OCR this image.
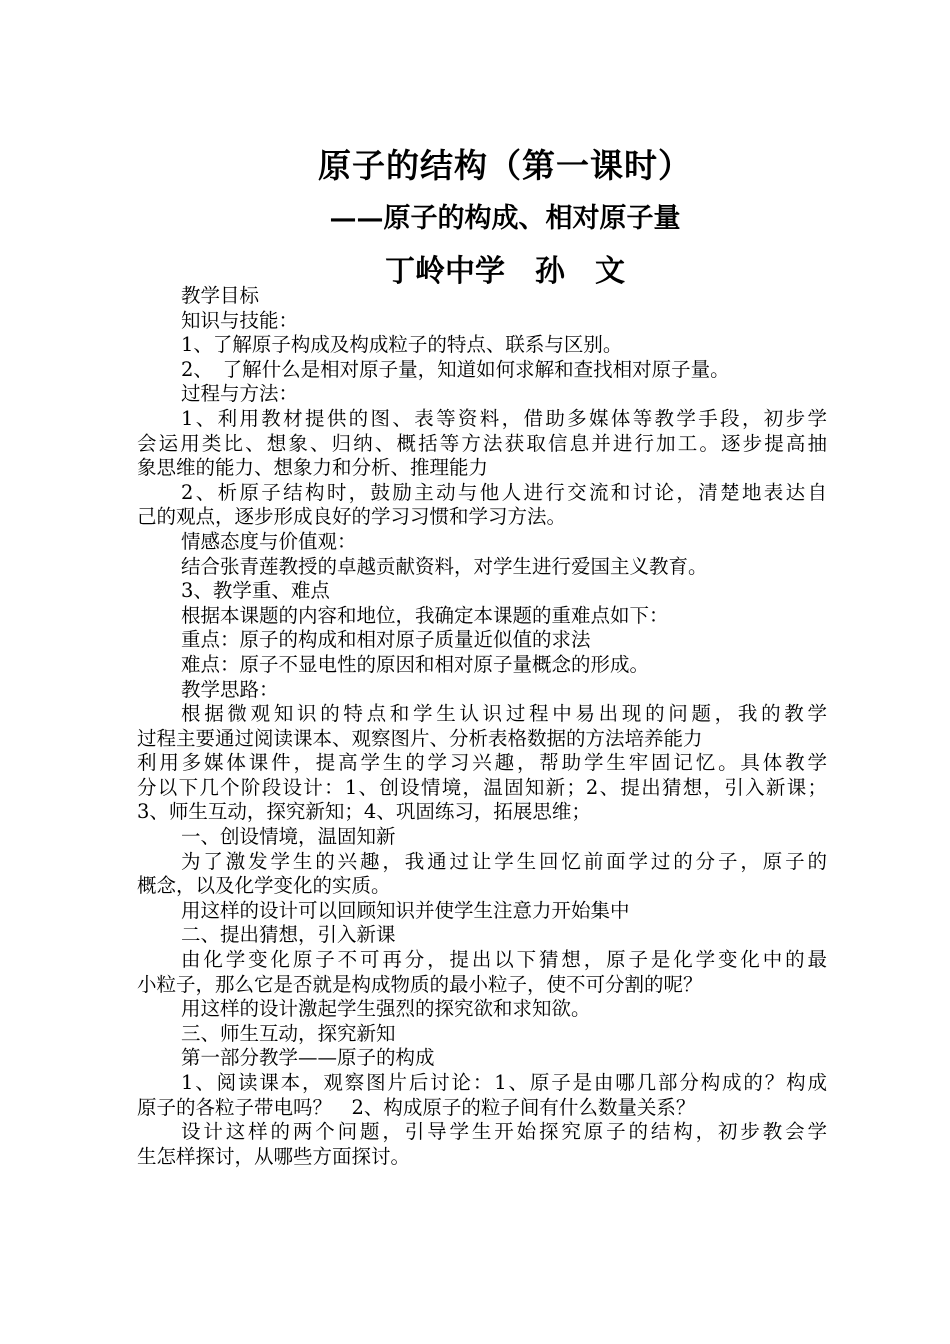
原子的结构（第一课时）
——原子的构成、相对原子量
丁岭中学　孙　文

教学目标

知识与技能：

1、了解原子构成及构成粒子的特点、联系与区别。

2、　了解什么是相对原子量，知道如何求解和查找相对原子量。

过程与方法：

1、利用教材提供的图、表等资料，借助多媒体等教学手段，初步学

会运用类比、想象、归纳、概括等方法获取信息并进行加工。逐步提高抽

象思维的能力、想象力和分析、推理能力

2、析原子结构时，鼓励主动与他人进行交流和讨论，清楚地表达自

己的观点，逐步形成良好的学习习惯和学习方法。

情感态度与价值观：

结合张青莲教授的卓越贡献资料，对学生进行爱国主义教育。

3、教学重、难点

根据本课题的内容和地位，我确定本课题的重难点如下：

重点：原子的构成和相对原子质量近似值的求法

难点：原子不显电性的原因和相对原子量概念的形成。

教学思路：

根据微观知识的特点和学生认识过程中易出现的问题，我的教学

过程主要通过阅读课本、观察图片、分析表格数据的方法培养能力

利用多媒体课件，提高学生的学习兴趣，帮助学生牢固记忆。具体教学

分以下几个阶段设计：1、创设情境，温固知新；2、提出猜想，引入新课；

3、师生互动，探究新知；4、巩固练习，拓展思维；

一、创设情境，温固知新

为了激发学生的兴趣，我通过让学生回忆前面学过的分子，原子的

概念，以及化学变化的实质。

用这样的设计可以回顾知识并使学生注意力开始集中

二、提出猜想，引入新课

由化学变化原子不可再分，提出以下猜想，原子是化学变化中的最

小粒子，那么它是否就是构成物质的最小粒子，使不可分割的呢？

用这样的设计激起学生强烈的探究欲和求知欲。

三、师生互动，探究新知

第一部分教学——原子的构成

1、阅读课本，观察图片后讨论：1、原子是由哪几部分构成的？构成

原子的各粒子带电吗？　2、构成原子的粒子间有什么数量关系？

设计这样的两个问题，引导学生开始探究原子的结构，初步教会学

生怎样探讨，从哪些方面探讨。
